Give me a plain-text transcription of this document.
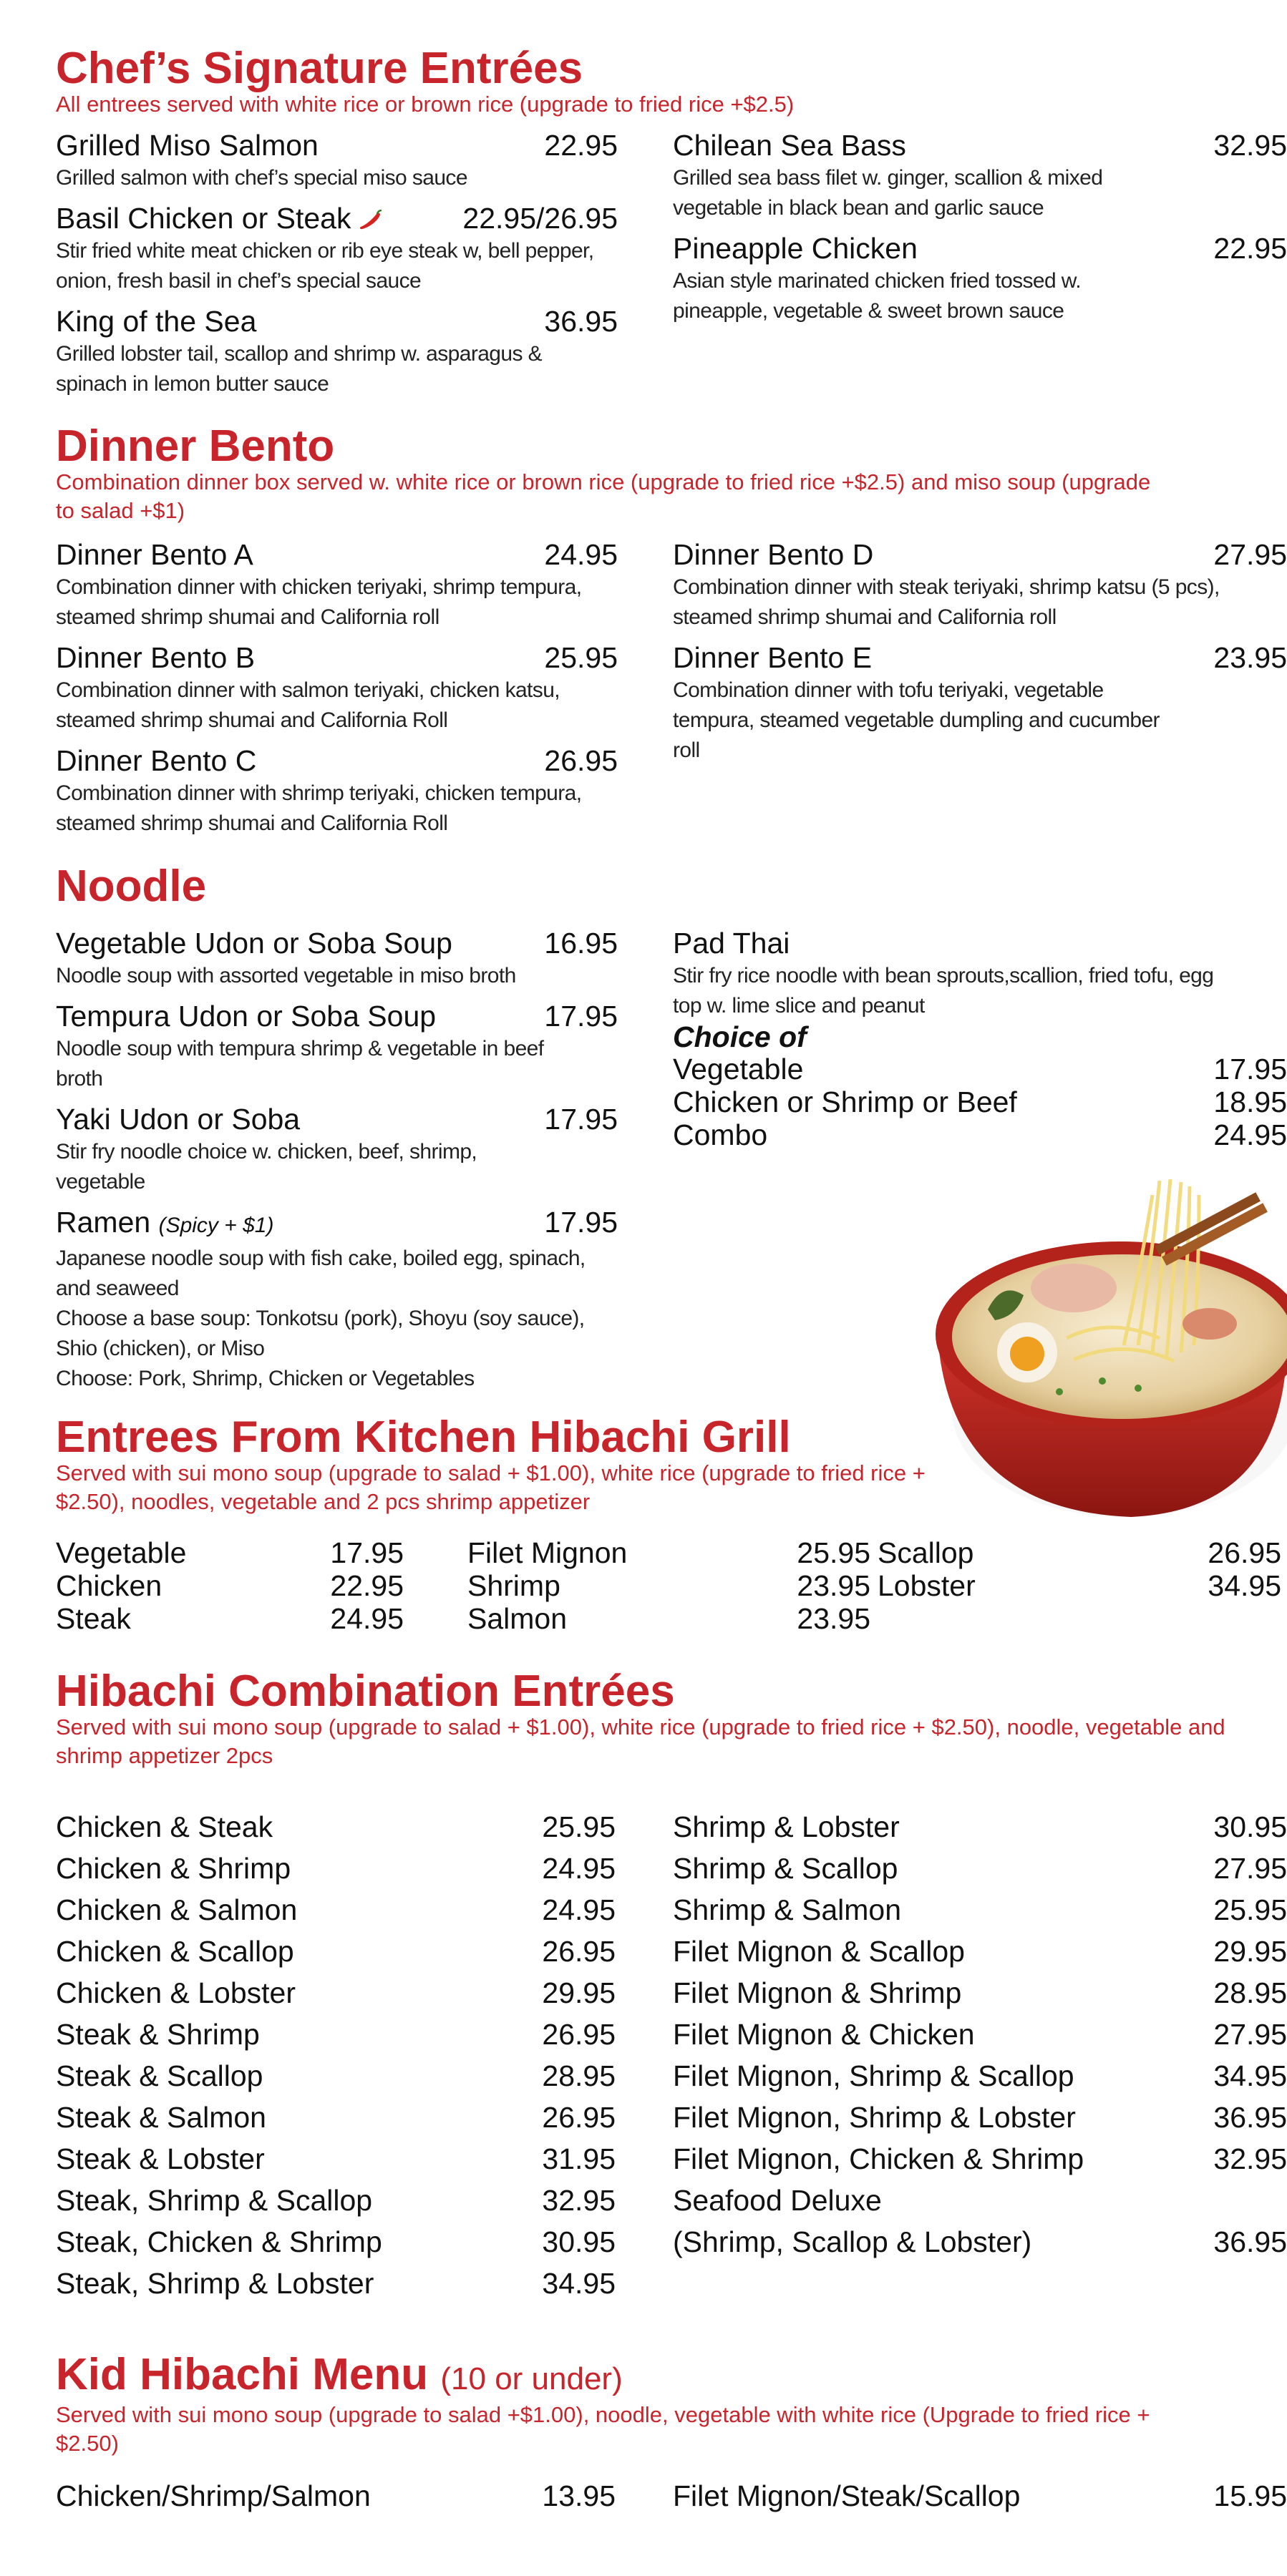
Chef’s Signature Entrées

All entrees served with white rice or brown rice (upgrade to fried rice +$2.5)

Grilled Miso Salmon	22.95

Grilled salmon with chef’s special miso sauce

Basil Chicken or Steak	22.95/26.95

Stir fried white meat chicken or rib eye steak w, bell pepper, onion, fresh basil in chef’s special sauce

King of the Sea	36.95

Grilled lobster tail, scallop and shrimp w. asparagus & spinach in lemon butter sauce

Chilean Sea Bass	32.95

Grilled sea bass filet w. ginger, scallion & mixed vegetable in black bean and garlic sauce

Pineapple Chicken	22.95

Asian style marinated chicken fried tossed w. pineapple, vegetable & sweet brown sauce

Dinner Bento

Combination dinner box served w. white rice or brown rice (upgrade to fried rice +$2.5) and miso soup (upgrade to salad +$1)

Dinner Bento A	24.95

Combination dinner with chicken teriyaki, shrimp tempura, steamed shrimp shumai and California roll

Dinner Bento B	25.95

Combination dinner with salmon teriyaki, chicken katsu, steamed shrimp shumai and California Roll

Dinner Bento C	26.95

Combination dinner with shrimp teriyaki, chicken tempura, steamed shrimp shumai and California Roll

Dinner Bento D	27.95

Combination dinner with steak teriyaki, shrimp katsu (5 pcs), steamed shrimp shumai and California roll

Dinner Bento E	23.95

Combination dinner with tofu teriyaki, vegetable tempura, steamed vegetable dumpling and cucumber roll

Noodle
Vegetable Udon or Soba Soup	16.95

Noodle soup with assorted vegetable in miso broth

Tempura Udon or Soba Soup	17.95

Noodle soup with tempura shrimp & vegetable in beef broth

Yaki Udon or Soba	17.95

Stir fry noodle choice w. chicken, beef, shrimp, vegetable

Ramen (Spicy + $1)	17.95

Japanese noodle soup with fish cake, boiled egg, spinach, and seaweed

Choose a base soup: Tonkotsu (pork), Shoyu (soy sauce), Shio (chicken), or Miso

Choose: Pork, Shrimp, Chicken or Vegetables

Pad Thai

Stir fry rice noodle with bean sprouts,scallion, fried tofu, egg top w. lime slice and peanut

Choice of
Vegetable	17.95
Chicken or Shrimp or Beef	18.95
Combo	24.95
Entrees From Kitchen Hibachi Grill

Served with sui mono soup (upgrade to salad + $1.00), white rice (upgrade to fried rice + $2.50), noodles, vegetable and 2 pcs shrimp appetizer

Vegetable	17.95
Chicken	22.95
Steak	24.95
Filet Mignon	25.95
Shrimp	23.95
Salmon	23.95
Scallop	26.95
Lobster	34.95
Hibachi Combination Entrées

Served with sui mono soup (upgrade to salad + $1.00), white rice (upgrade to fried rice + $2.50), noodle, vegetable and shrimp appetizer 2pcs

Chicken & Steak	25.95
Chicken & Shrimp	24.95
Chicken & Salmon	24.95
Chicken & Scallop	26.95
Chicken & Lobster	29.95
Steak & Shrimp	26.95
Steak & Scallop	28.95
Steak & Salmon	26.95
Steak & Lobster	31.95
Steak, Shrimp & Scallop	32.95
Steak, Chicken & Shrimp	30.95
Steak, Shrimp & Lobster	34.95
Shrimp & Lobster	30.95
Shrimp & Scallop	27.95
Shrimp & Salmon	25.95
Filet Mignon & Scallop	29.95
Filet Mignon & Shrimp	28.95
Filet Mignon & Chicken	27.95
Filet Mignon, Shrimp & Scallop	34.95
Filet Mignon, Shrimp & Lobster	36.95
Filet Mignon, Chicken & Shrimp	32.95
Seafood Deluxe
(Shrimp, Scallop & Lobster)	36.95
Kid Hibachi Menu (10 or under)

Served with sui mono soup (upgrade to salad +$1.00), noodle, vegetable with white rice (Upgrade to fried rice + $2.50)

Chicken/Shrimp/Salmon	13.95 Filet Mignon/Steak/Scallop	15.95
